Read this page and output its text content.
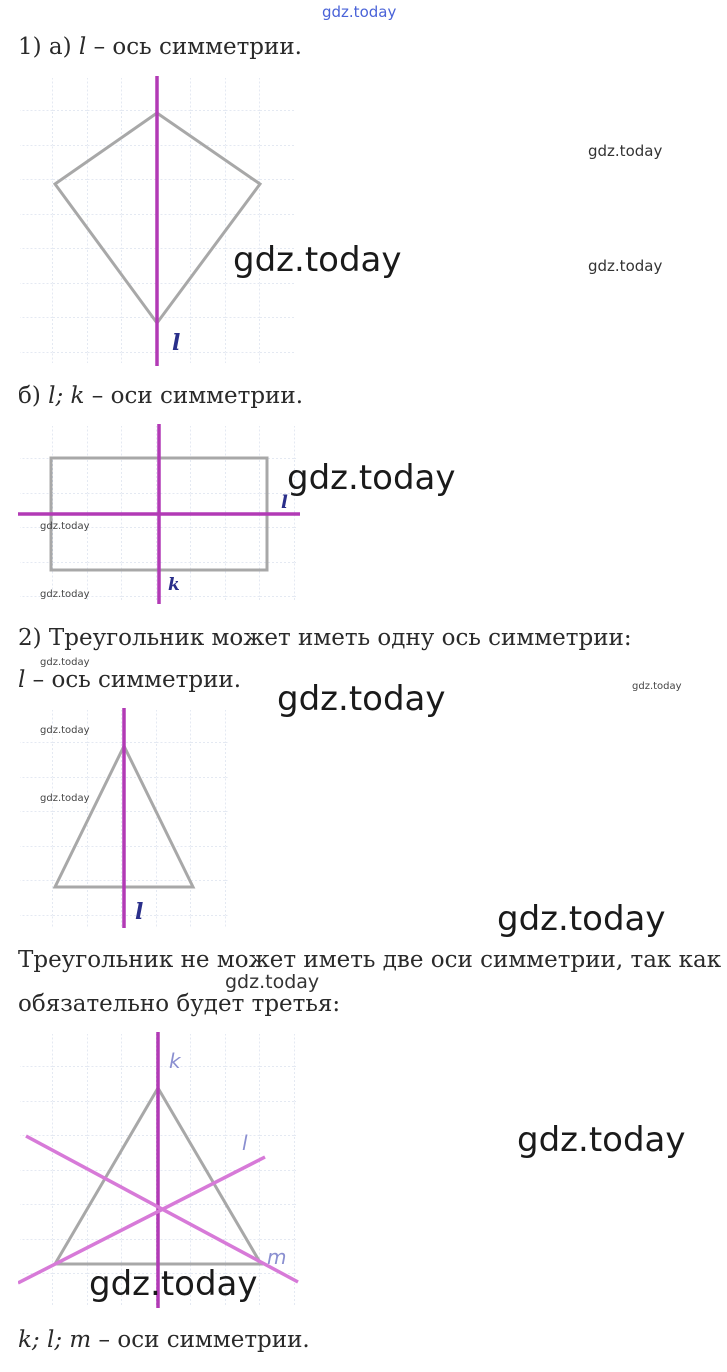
gdz.today
1) а) l – ось симметрии.
l
gdz.today
gdz.today
gdz.today
б) l; k – оси симметрии.
l
k
gdz.today
gdz.today
gdz.today
2) Треугольник может иметь одну ось симметрии:
gdz.today
l – ось симметрии. gdz.today	gdz.today
l
gdz.today
gdz.today
gdz.today
Треугольник не может иметь две оси симметрии, так как
gdz.today
обязательно будет третья:
k
l
m
gdz.today
gdz.today
k; l; m – оси симметрии.
